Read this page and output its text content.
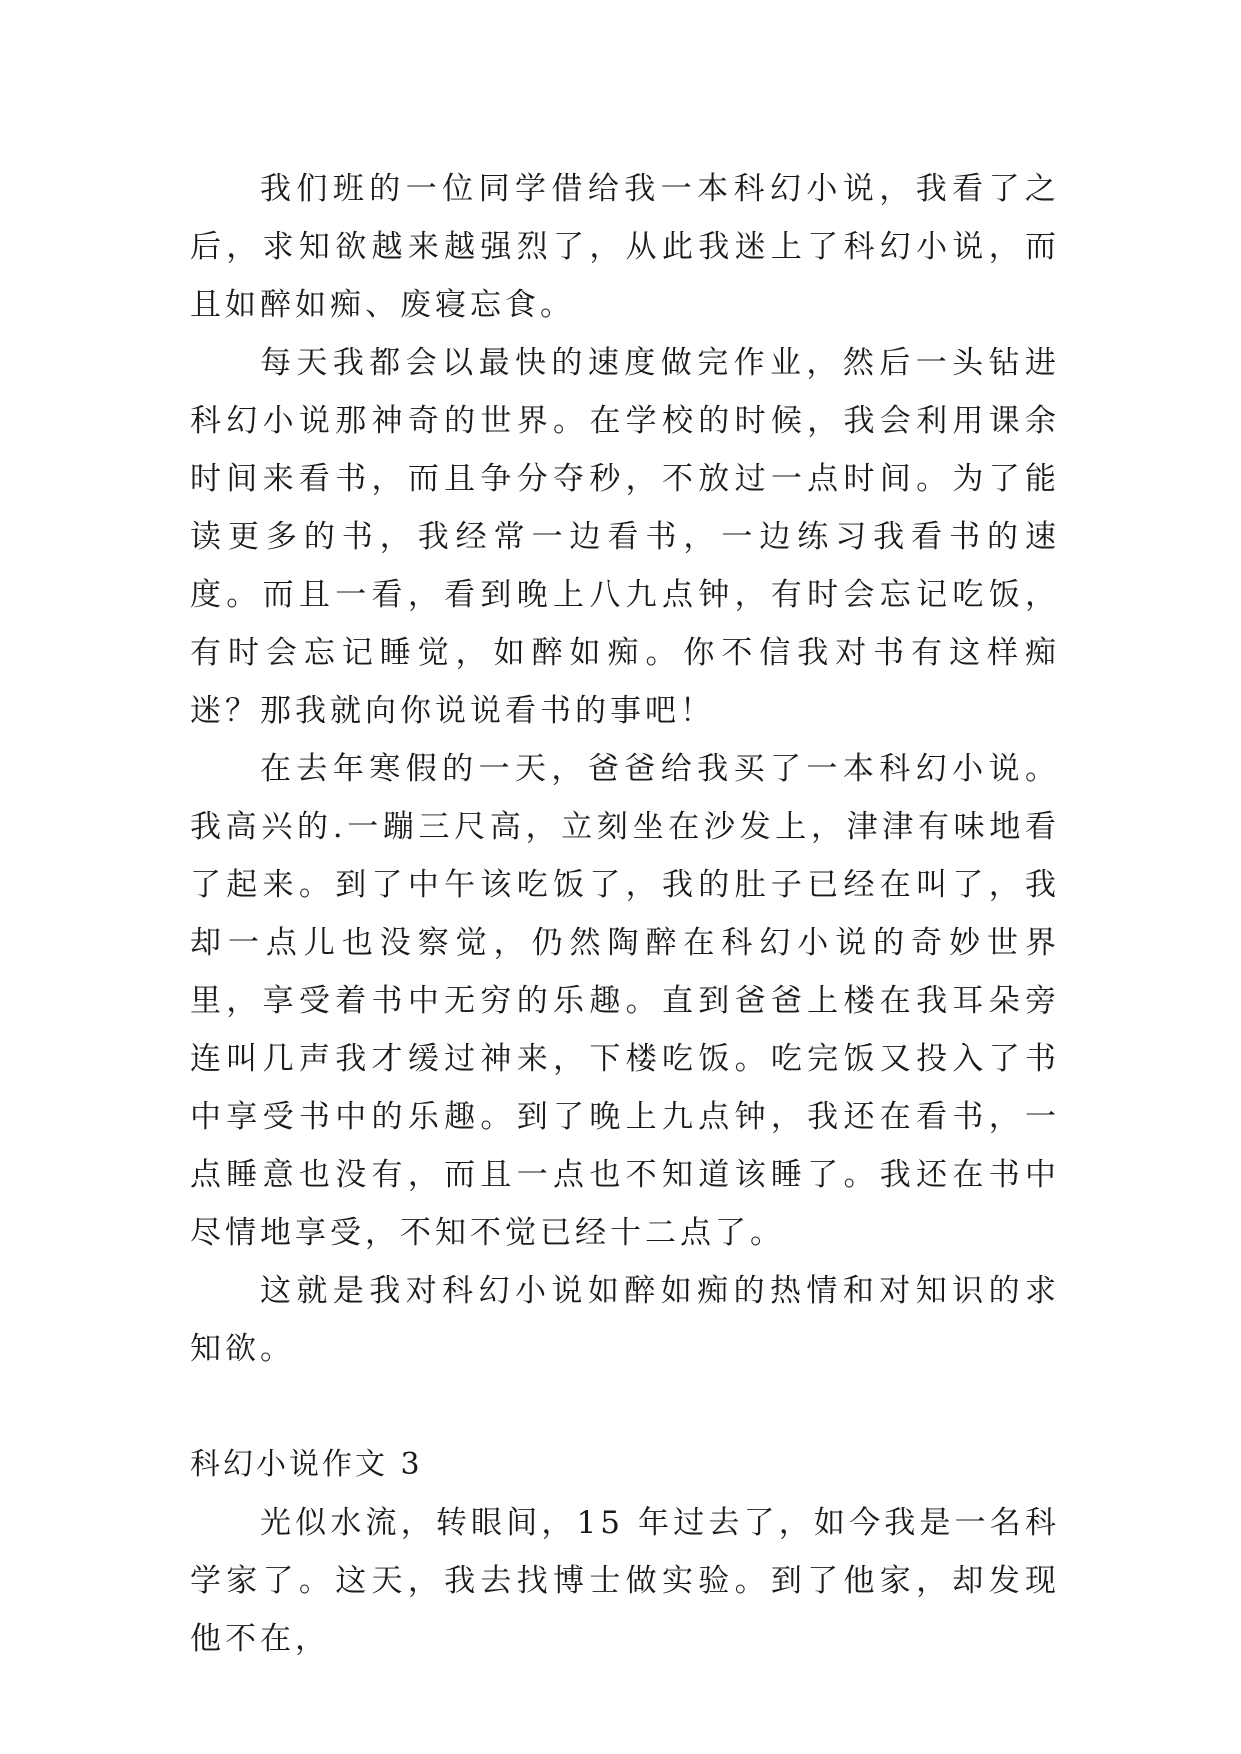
我们班的一位同学借给我一本科幻小说，我看了之后，求知欲越来越强烈了，从此我迷上了科幻小说，而且如醉如痴、废寝忘食。

每天我都会以最快的速度做完作业，然后一头钻进科幻小说那神奇的世界。在学校的时候，我会利用课余时间来看书，而且争分夺秒，不放过一点时间。为了能读更多的书，我经常一边看书，一边练习我看书的速度。而且一看，看到晚上八九点钟，有时会忘记吃饭，有时会忘记睡觉，如醉如痴。你不信我对书有这样痴迷？那我就向你说说看书的事吧！

在去年寒假的一天，爸爸给我买了一本科幻小说。我高兴的.一蹦三尺高，立刻坐在沙发上，津津有味地看了起来。到了中午该吃饭了，我的肚子已经在叫了，我却一点儿也没察觉，仍然陶醉在科幻小说的奇妙世界里，享受着书中无穷的乐趣。直到爸爸上楼在我耳朵旁连叫几声我才缓过神来，下楼吃饭。吃完饭又投入了书中享受书中的乐趣。到了晚上九点钟，我还在看书，一点睡意也没有，而且一点也不知道该睡了。我还在书中尽情地享受，不知不觉已经十二点了。

这就是我对科幻小说如醉如痴的热情和对知识的求知欲。

科幻小说作文 3

光似水流，转眼间，15 年过去了，如今我是一名科学家了。这天，我去找博士做实验。到了他家，却发现他不在，
